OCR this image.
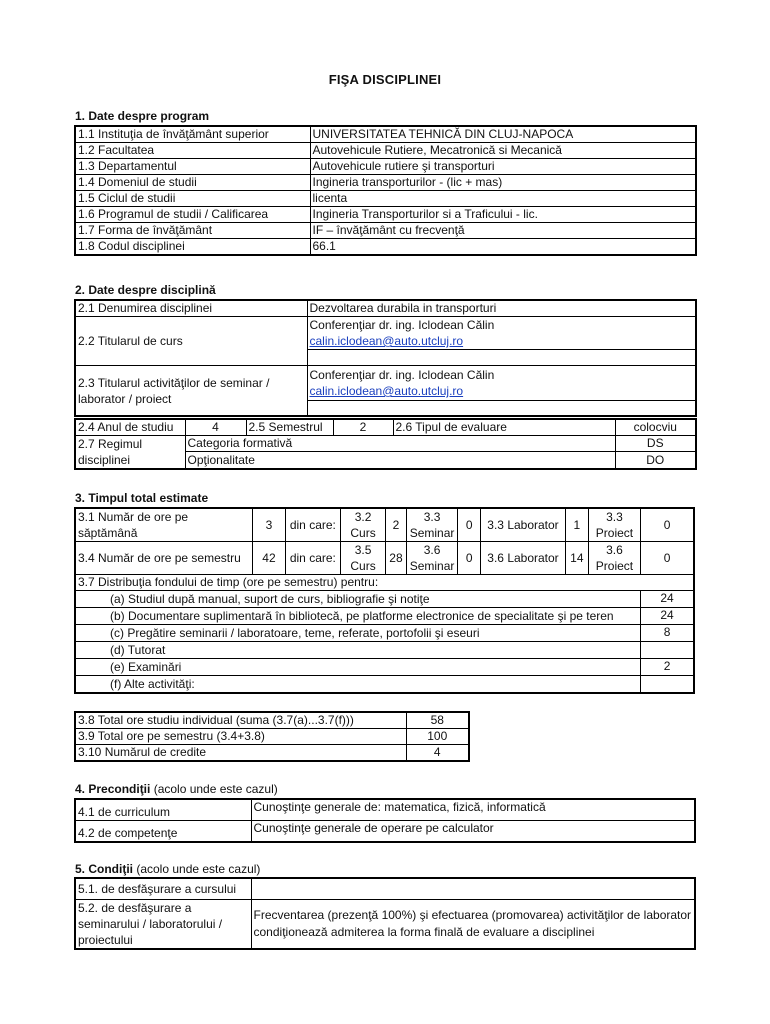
FIŞA DISCIPLINEI
1. Date despre program
1.1 Instituţia de învăţământ superior	UNIVERSITATEA TEHNICĂ DIN CLUJ-NAPOCA
1.2 Facultatea	Autovehicule Rutiere, Mecatronică si Mecanică
1.3 Departamentul	Autovehicule rutiere şi transporturi
1.4 Domeniul de studii	Ingineria transporturilor - (lic + mas)
1.5 Ciclul de studii	licenta
1.6 Programul de studii / Calificarea	Ingineria Transporturilor si a Traficului - lic.
1.7 Forma de învăţământ	IF – învăţământ cu frecvenţă
1.8 Codul disciplinei	66.1
2. Date despre disciplină
2.1 Denumirea disciplinei	Dezvoltarea durabila in transporturi
2.2 Titularul de curs	Conferenţiar dr. ing. Iclodean Călin
calin.iclodean@auto.utcluj.ro

2.3 Titularul activităţilor de seminar / laborator / proiect	Conferenţiar dr. ing. Iclodean Călin
calin.iclodean@auto.utcluj.ro

2.4 Anul de studiu	4	2.5 Semestrul	2	2.6 Tipul de evaluare	colocviu
2.7 Regimul disciplinei	Categoria formativă				DS
	Opţionalitate				DO
3. Timpul total estimate
3.1 Număr de ore pe săptămână	3	din care:	3.2 Curs	2	3.3 Seminar	0	3.3 Laborator	1	3.3 Proiect	0
3.4 Număr de ore pe semestru	42	din care:	3.5 Curs	28	3.6 Seminar	0	3.6 Laborator	14	3.6 Proiect	0
3.7 Distribuţia fondului de timp (ore pe semestru) pentru:										
(a) Studiul după manual, suport de curs, bibliografie şi notiţe										24
(b) Documentare suplimentară în bibliotecă, pe platforme electronice de specialitate şi pe teren										24
(c) Pregătire seminarii / laboratoare, teme, referate, portofolii şi eseuri										8
(d) Tutorat										
(e) Examinări										2
(f) Alte activităţi:										
3.8 Total ore studiu individual (suma (3.7(a)...3.7(f)))	58
3.9 Total ore pe semestru (3.4+3.8)	100
3.10 Numărul de credite	4
4. Precondiţii (acolo unde este cazul)
4.1 de curriculum	Cunoştinţe generale de: matematica, fizică, informatică
4.2 de competenţe	Cunoştinţe generale de operare pe calculator
5. Condiţii (acolo unde este cazul)
5.1. de desfăşurare a cursului	
5.2. de desfăşurare a seminarului / laboratorului / proiectului	Frecventarea (prezenţă 100%) şi efectuarea (promovarea) activităţilor de laborator condiţionează admiterea la forma finală de evaluare a disciplinei
